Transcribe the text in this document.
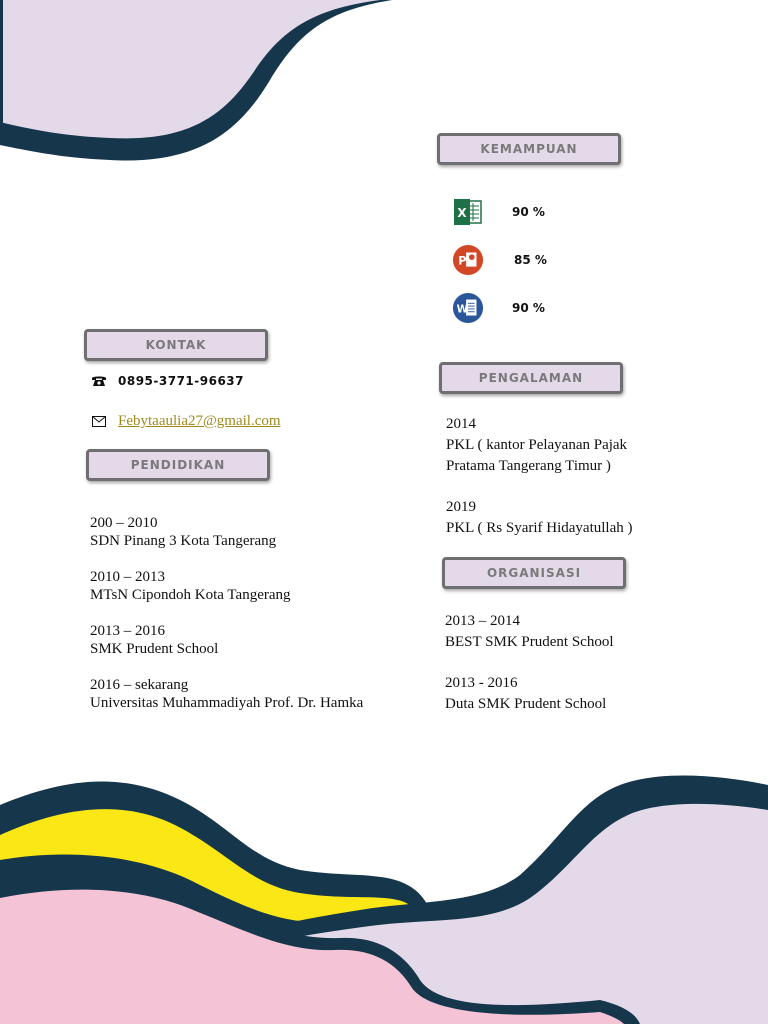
KONTAK
0895-3771-96637
Febytaaulia27@gmail.com
PENDIDIKAN
200 – 2010
SDN Pinang 3 Kota Tangerang
2010 – 2013
MTsN Cipondoh Kota Tangerang
2013 – 2016
SMK Prudent School
2016 – sekarang
Universitas Muhammadiyah Prof. Dr. Hamka
KEMAMPUAN
X	90 %
P	85 %
W	90 %
PENGALAMAN
2014
PKL ( kantor Pelayanan Pajak
Pratama Tangerang Timur )
2019
PKL ( Rs Syarif Hidayatullah )
ORGANISASI
2013 – 2014
BEST SMK Prudent School
2013 - 2016
Duta SMK Prudent School
